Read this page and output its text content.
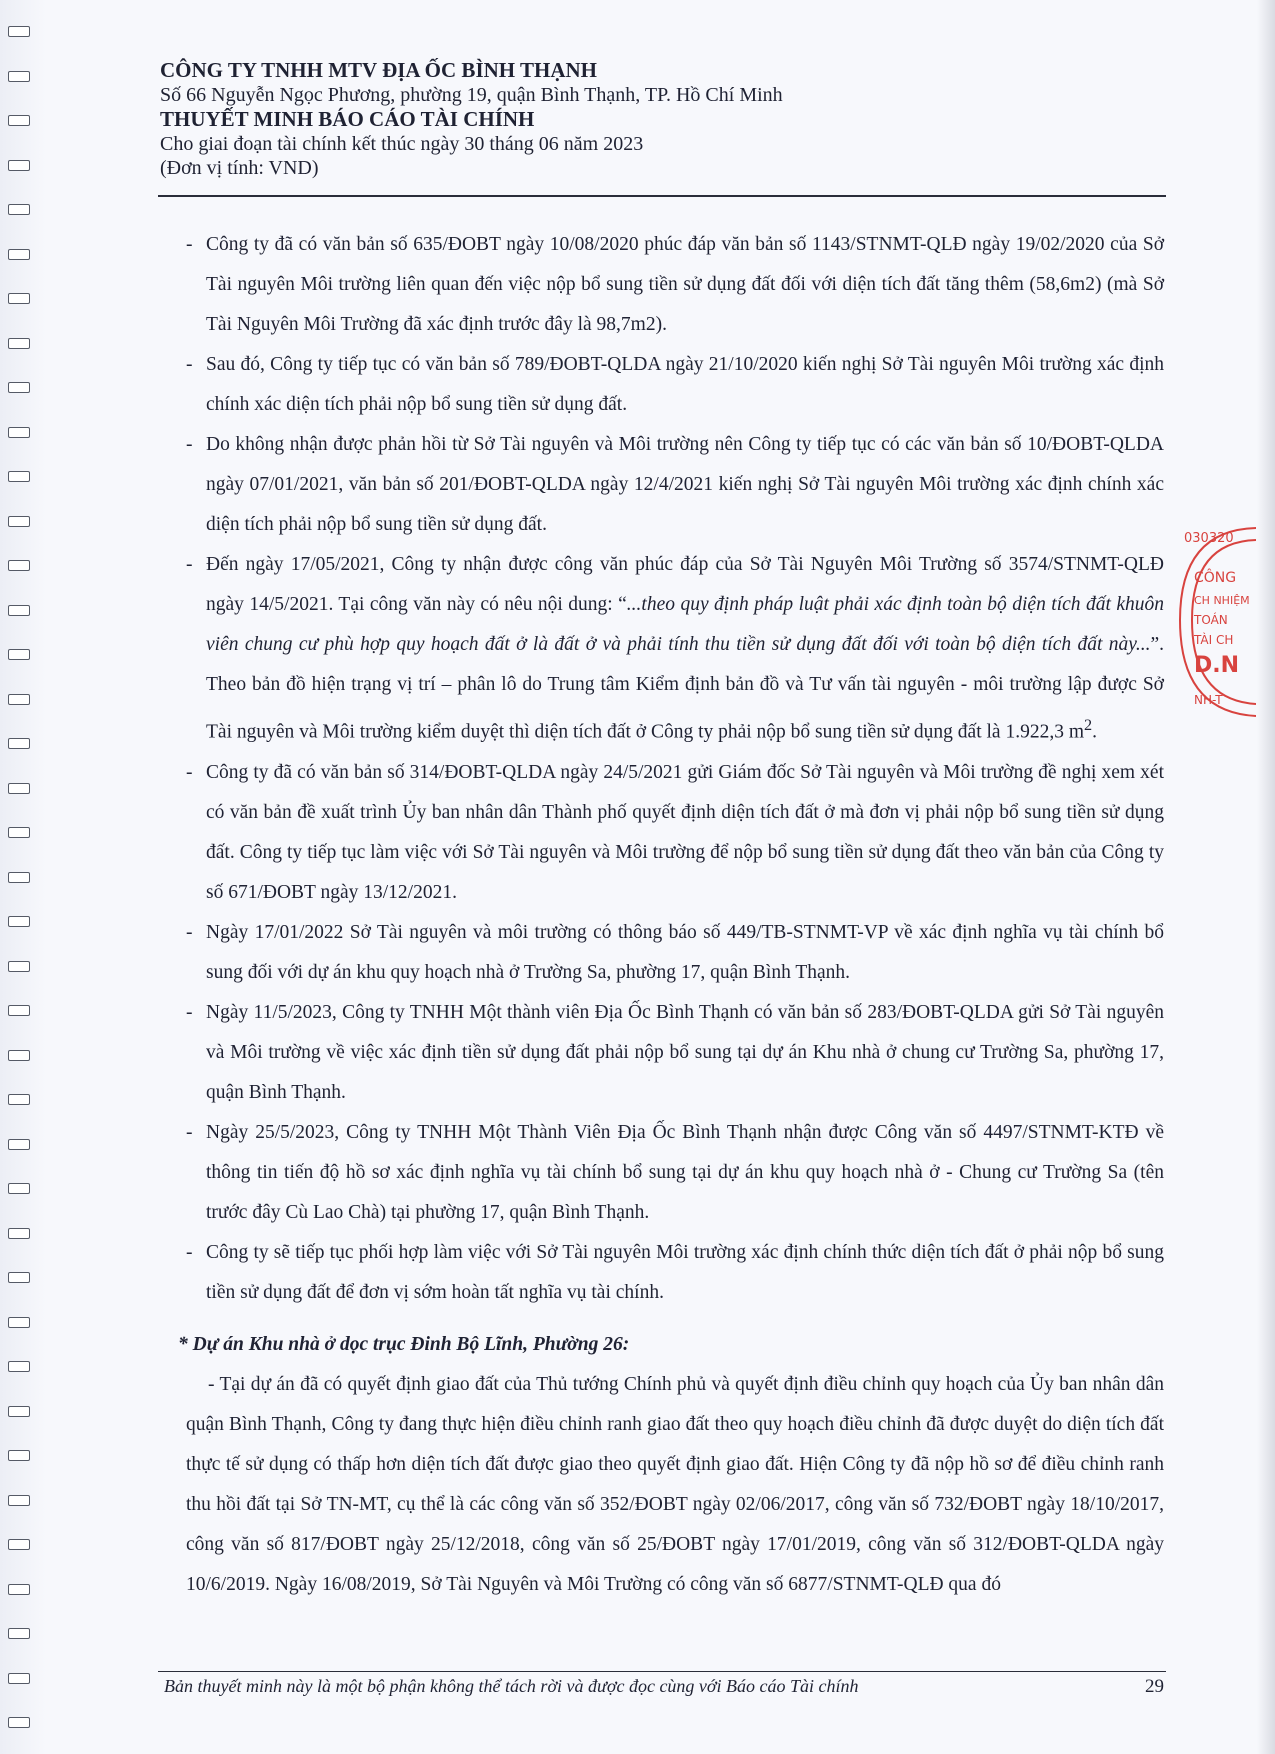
CÔNG TY TNHH MTV ĐỊA ỐC BÌNH THẠNH
Số 66 Nguyễn Ngọc Phương, phường 19, quận Bình Thạnh, TP. Hồ Chí Minh
THUYẾT MINH BÁO CÁO TÀI CHÍNH
Cho giai đoạn tài chính kết thúc ngày 30 tháng 06 năm 2023
(Đơn vị tính: VND)

- Công ty đã có văn bản số 635/ĐOBT ngày 10/08/2020 phúc đáp văn bản số 1143/STNMT-QLĐ ngày 19/02/2020 của Sở Tài nguyên Môi trường liên quan đến việc nộp bổ sung tiền sử dụng đất đối với diện tích đất tăng thêm (58,6m2) (mà Sở Tài Nguyên Môi Trường đã xác định trước đây là 98,7m2).

- Sau đó, Công ty tiếp tục có văn bản số 789/ĐOBT-QLDA ngày 21/10/2020 kiến nghị Sở Tài nguyên Môi trường xác định chính xác diện tích phải nộp bổ sung tiền sử dụng đất.

- Do không nhận được phản hồi từ Sở Tài nguyên và Môi trường nên Công ty tiếp tục có các văn bản số 10/ĐOBT-QLDA ngày 07/01/2021, văn bản số 201/ĐOBT-QLDA ngày 12/4/2021 kiến nghị Sở Tài nguyên Môi trường xác định chính xác diện tích phải nộp bổ sung tiền sử dụng đất.

- Đến ngày 17/05/2021, Công ty nhận được công văn phúc đáp của Sở Tài Nguyên Môi Trường số 3574/STNMT-QLĐ ngày 14/5/2021. Tại công văn này có nêu nội dung: “...theo quy định pháp luật phải xác định toàn bộ diện tích đất khuôn viên chung cư phù hợp quy hoạch đất ở là đất ở và phải tính thu tiền sử dụng đất đối với toàn bộ diện tích đất này...”. Theo bản đồ hiện trạng vị trí – phân lô do Trung tâm Kiểm định bản đồ và Tư vấn tài nguyên - môi trường lập được Sở Tài nguyên và Môi trường kiểm duyệt thì diện tích đất ở Công ty phải nộp bổ sung tiền sử dụng đất là 1.922,3 $m^2$.

- Công ty đã có văn bản số 314/ĐOBT-QLDA ngày 24/5/2021 gửi Giám đốc Sở Tài nguyên và Môi trường đề nghị xem xét có văn bản đề xuất trình Ủy ban nhân dân Thành phố quyết định diện tích đất ở mà đơn vị phải nộp bổ sung tiền sử dụng đất. Công ty tiếp tục làm việc với Sở Tài nguyên và Môi trường để nộp bổ sung tiền sử dụng đất theo văn bản của Công ty số 671/ĐOBT ngày 13/12/2021.

- Ngày 17/01/2022 Sở Tài nguyên và môi trường có thông báo số 449/TB-STNMT-VP về xác định nghĩa vụ tài chính bổ sung đối với dự án khu quy hoạch nhà ở Trường Sa, phường 17, quận Bình Thạnh.

- Ngày 11/5/2023, Công ty TNHH Một thành viên Địa Ốc Bình Thạnh có văn bản số 283/ĐOBT-QLDA gửi Sở Tài nguyên và Môi trường về việc xác định tiền sử dụng đất phải nộp bổ sung tại dự án Khu nhà ở chung cư Trường Sa, phường 17, quận Bình Thạnh.

- Ngày 25/5/2023, Công ty TNHH Một Thành Viên Địa Ốc Bình Thạnh nhận được Công văn số 4497/STNMT-KTĐ về thông tin tiến độ hồ sơ xác định nghĩa vụ tài chính bổ sung tại dự án khu quy hoạch nhà ở - Chung cư Trường Sa (tên trước đây Cù Lao Chà) tại phường 17, quận Bình Thạnh.

- Công ty sẽ tiếp tục phối hợp làm việc với Sở Tài nguyên Môi trường xác định chính thức diện tích đất ở phải nộp bổ sung tiền sử dụng đất để đơn vị sớm hoàn tất nghĩa vụ tài chính.

* Dự án Khu nhà ở dọc trục Đinh Bộ Lĩnh, Phường 26:

- Tại dự án đã có quyết định giao đất của Thủ tướng Chính phủ và quyết định điều chỉnh quy hoạch của Ủy ban nhân dân quận Bình Thạnh, Công ty đang thực hiện điều chỉnh ranh giao đất theo quy hoạch điều chỉnh đã được duyệt do diện tích đất thực tế sử dụng có thấp hơn diện tích đất được giao theo quyết định giao đất. Hiện Công ty đã nộp hồ sơ để điều chỉnh ranh thu hồi đất tại Sở TN-MT, cụ thể là các công văn số 352/ĐOBT ngày 02/06/2017, công văn số 732/ĐOBT ngày 18/10/2017, công văn số 817/ĐOBT ngày 25/12/2018, công văn số 25/ĐOBT ngày 17/01/2019, công văn số 312/ĐOBT-QLDA ngày 10/6/2019. Ngày 16/08/2019, Sở Tài Nguyên và Môi Trường có công văn số 6877/STNMT-QLĐ qua đó

Bản thuyết minh này là một bộ phận không thể tách rời và được đọc cùng với Báo cáo Tài chính	29
030320
CÔNG
CH NHIỆM
TOÁN
TÀI CH
D.N
NH-T
